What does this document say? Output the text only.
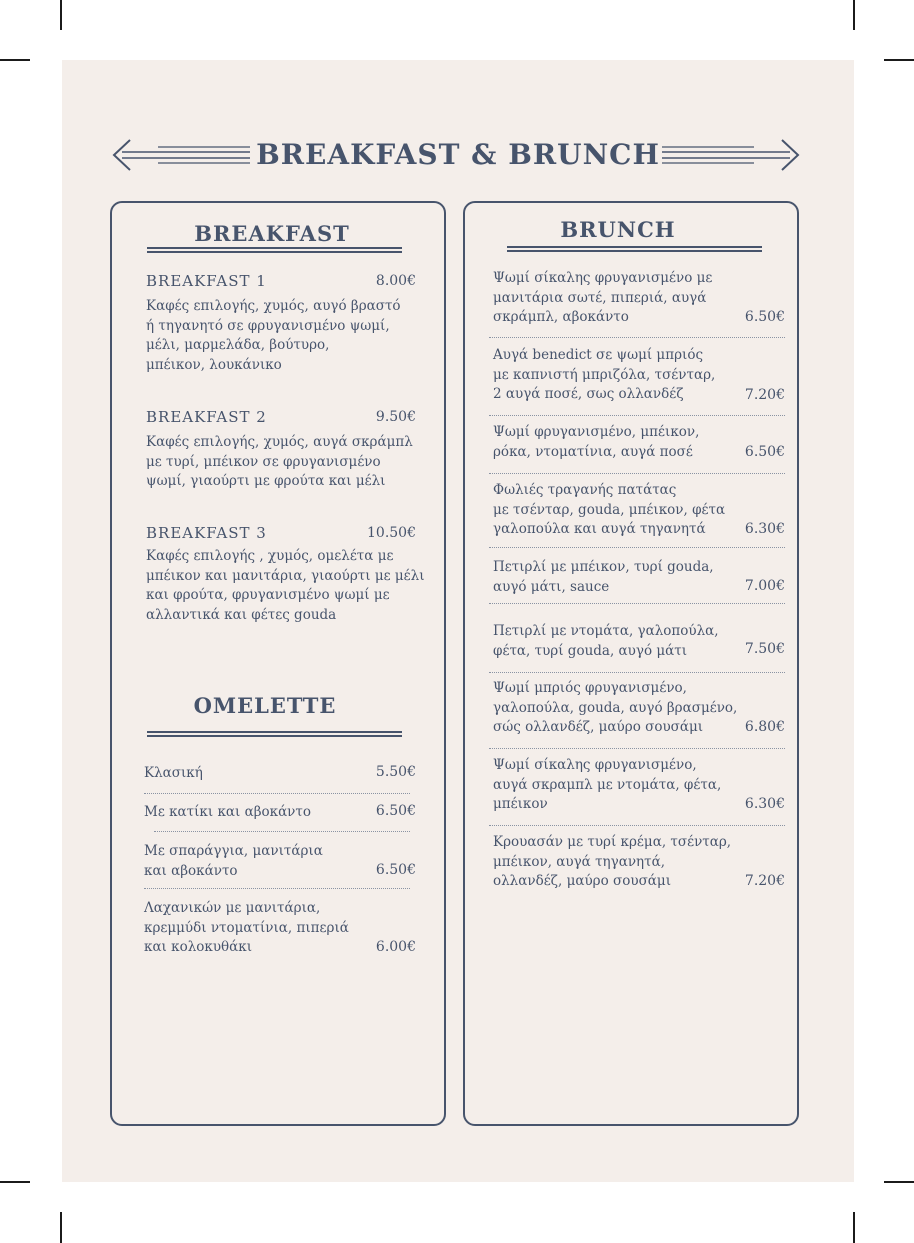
BREAKFAST & BRUNCH
BREAKFAST
BREAKFAST 1	8.00€
Καφές επιλογής, χυμός, αυγό βραστό
ή τηγανητό σε φρυγανισμένο ψωμί,
μέλι, μαρμελάδα, βούτυρο,
μπέικον, λουκάνικο
BREAKFAST 2	9.50€
Καφές επιλογής, χυμός, αυγά σκράμπλ
με τυρί, μπέικον σε φρυγανισμένο
ψωμί, γιαούρτι με φρούτα και μέλι
BREAKFAST 3	10.50€
Καφές επιλογής , χυμός, ομελέτα με
μπέικον και μανιτάρια, γιαούρτι με μέλι
και φρούτα, φρυγανισμένο ψωμί με
αλλαντικά και φέτες gouda
OMELETTE
Κλασική	5.50€
Με κατίκι και αβοκάντο	6.50€
Με σπαράγγια, μανιτάρια
και αβοκάντο	6.50€
Λαχανικών με μανιτάρια,
κρεμμύδι ντοματίνια, πιπεριά
και κολοκυθάκι	6.00€
BRUNCH
Ψωμί σίκαλης φρυγανισμένο με
μανιτάρια σωτέ, πιπεριά, αυγά
σκράμπλ, αβοκάντο	6.50€
Αυγά benedict σε ψωμί μπριός
με καπνιστή μπριζόλα, τσένταρ,
2 αυγά ποσέ, σως ολλανδέζ	7.20€
Ψωμί φρυγανισμένο, μπέικον,
ρόκα, ντοματίνια, αυγά ποσέ	6.50€
Φωλιές τραγανής πατάτας
με τσένταρ, gouda, μπέικον, φέτα
γαλοπούλα και αυγά τηγανητά	6.30€
Πετιρλί με μπέικον, τυρί gouda,
αυγό μάτι, sauce	7.00€
Πετιρλί με ντομάτα, γαλοπούλα,
φέτα, τυρί gouda, αυγό μάτι	7.50€
Ψωμί μπριός φρυγανισμένο,
γαλοπούλα, gouda, αυγό βρασμένο,
σώς ολλανδέζ, μαύρο σουσάμι	6.80€
Ψωμί σίκαλης φρυγανισμένο,
αυγά σκραμπλ με ντομάτα, φέτα,
μπέικον	6.30€
Κρουασάν με τυρί κρέμα, τσένταρ,
μπέικον, αυγά τηγανητά,
ολλανδέζ, μαύρο σουσάμι	7.20€
